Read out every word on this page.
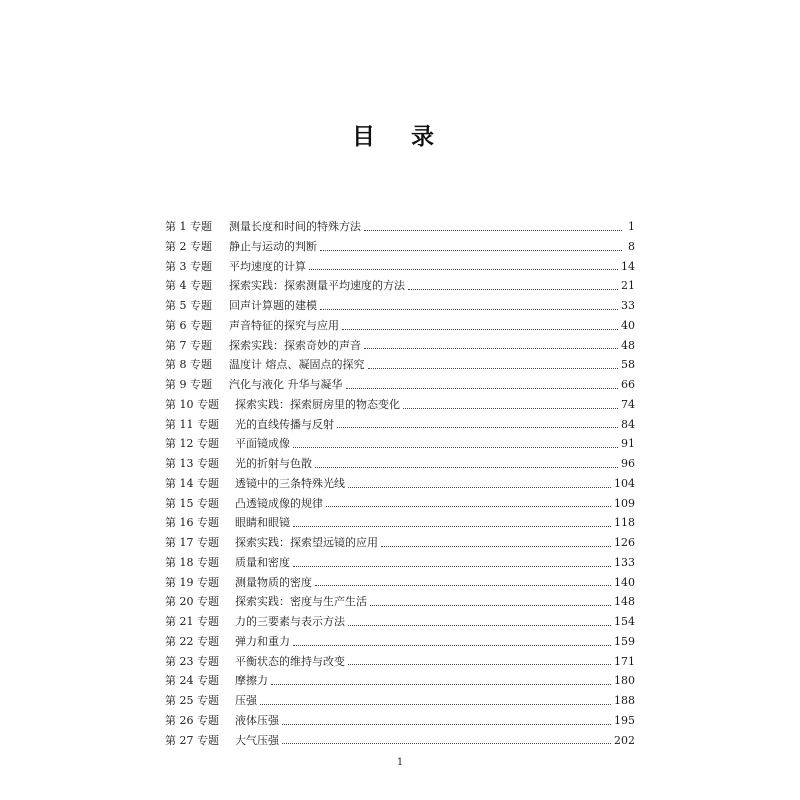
目 录
第 1 专题	测量长度和时间的特殊方法	1
第 2 专题	静止与运动的判断	8
第 3 专题	平均速度的计算	14
第 4 专题	探索实践：探索测量平均速度的方法	21
第 5 专题	回声计算题的建模	33
第 6 专题	声音特征的探究与应用	40
第 7 专题	探索实践：探索奇妙的声音	48
第 8 专题	温度计 熔点、凝固点的探究	58
第 9 专题	汽化与液化 升华与凝华	66
第 10 专题	探索实践：探索厨房里的物态变化	74
第 11 专题	光的直线传播与反射	84
第 12 专题	平面镜成像	91
第 13 专题	光的折射与色散	96
第 14 专题	透镜中的三条特殊光线	104
第 15 专题	凸透镜成像的规律	109
第 16 专题	眼睛和眼镜	118
第 17 专题	探索实践：探索望远镜的应用	126
第 18 专题	质量和密度	133
第 19 专题	测量物质的密度	140
第 20 专题	探索实践：密度与生产生活	148
第 21 专题	力的三要素与表示方法	154
第 22 专题	弹力和重力	159
第 23 专题	平衡状态的维持与改变	171
第 24 专题	摩擦力	180
第 25 专题	压强	188
第 26 专题	液体压强	195
第 27 专题	大气压强	202
1
